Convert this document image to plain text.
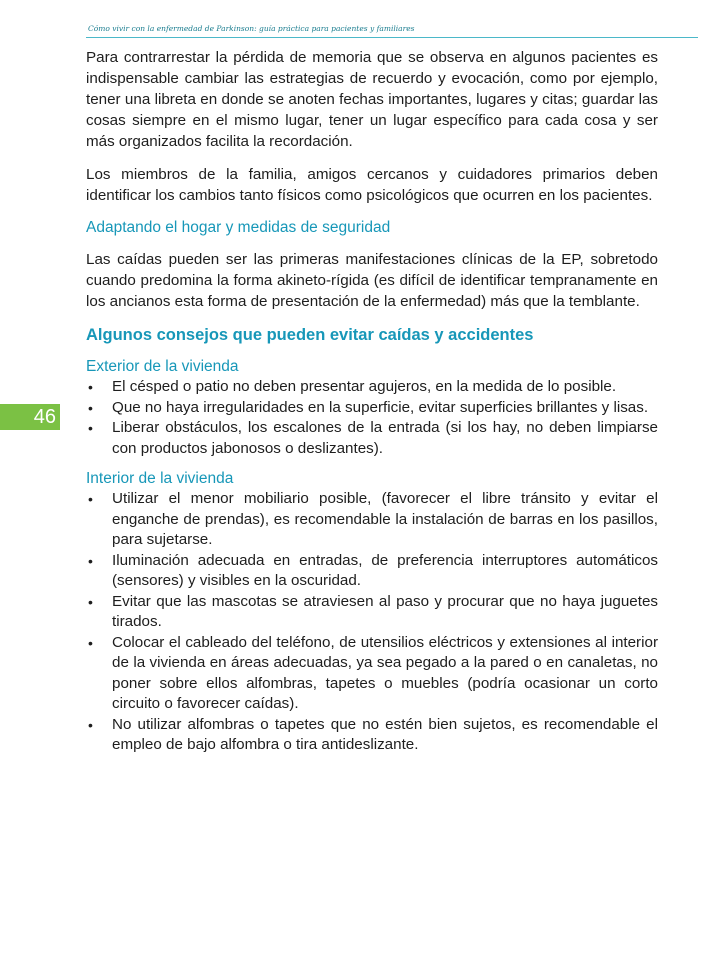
Cómo vivir con la enfermedad de Parkinson: guía práctica para pacientes y familiares
46

Para contrarrestar la pérdida de memoria que se observa en algunos pacientes es indispensable cambiar las estrategias de recuerdo y evocación, como por ejemplo, tener una libreta en donde se anoten fechas importantes, lugares y citas; guardar las cosas siempre en el mismo lugar, tener un lugar específico para cada cosa y ser más organizados facilita la recordación.

Los miembros de la familia, amigos cercanos y cuidadores primarios deben identificar los cambios tanto físicos como psicológicos que ocurren en los pacientes.

Adaptando el hogar y medidas de seguridad

Las caídas pueden ser las primeras manifestaciones clínicas de la EP, sobretodo cuando predomina la forma akineto-rígida (es difícil de identificar tempranamente en los ancianos esta forma de presentación de la enfermedad) más que la temblante.

Algunos consejos que pueden evitar caídas y accidentes
Exterior de la vivienda
• El césped o patio no deben presentar agujeros, en la medida de lo posible.
• Que no haya irregularidades en la superficie, evitar superficies brillantes y lisas.
• Liberar obstáculos, los escalones de la entrada (si los hay, no deben limpiarse con productos jabonosos o deslizantes).
Interior de la vivienda
• Utilizar el menor mobiliario posible, (favorecer el libre tránsito y evitar el enganche de prendas), es recomendable la instalación de barras en los pasillos, para sujetarse.
• Iluminación adecuada en entradas, de preferencia interruptores automáticos (sensores) y visibles en la oscuridad.
• Evitar que las mascotas se atraviesen al paso y procurar que no haya juguetes tirados.
• Colocar el cableado del teléfono, de utensilios eléctricos y extensiones al interior de la vivienda en áreas adecuadas, ya sea pegado a la pared o en canaletas, no poner sobre ellos alfombras, tapetes o muebles (podría ocasionar un corto circuito o favorecer caídas).
• No utilizar alfombras o tapetes que no estén bien sujetos, es recomendable el empleo de bajo alfombra o tira antideslizante.
